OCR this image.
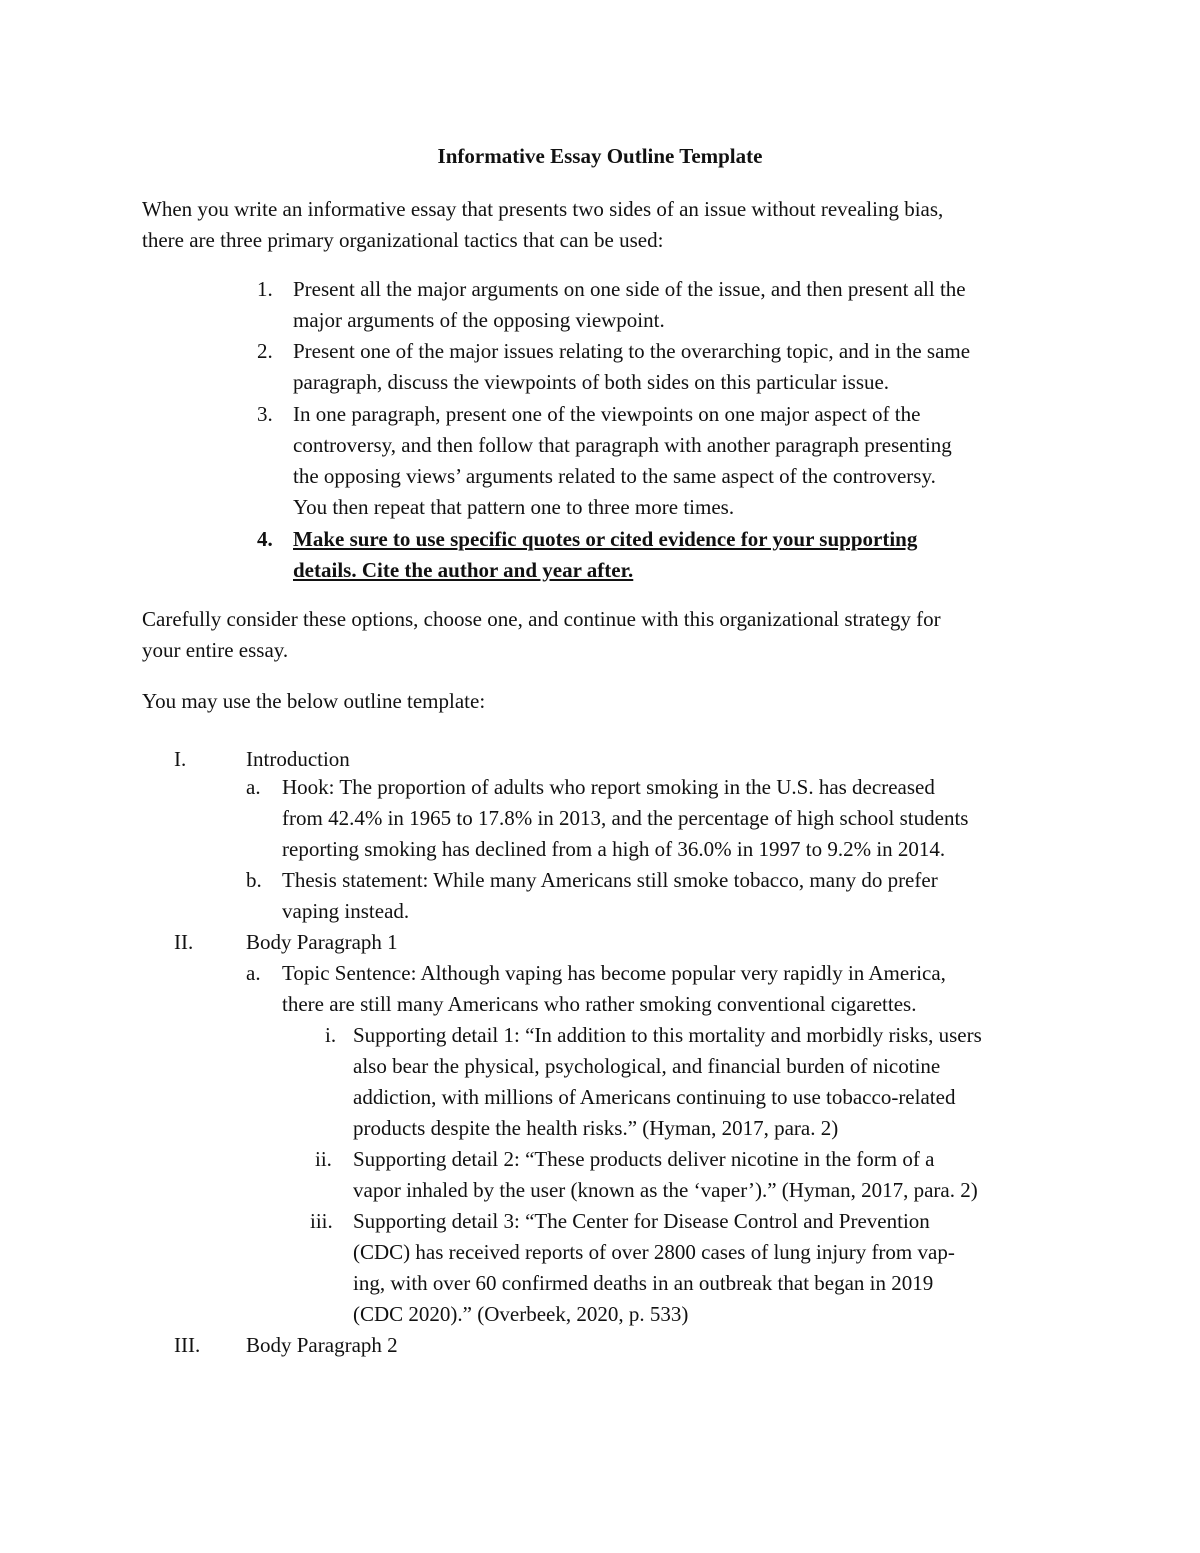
Informative Essay Outline Template
When you write an informative essay that presents two sides of an issue without revealing bias,
there are three primary organizational tactics that can be used:
1. Present all the major arguments on one side of the issue, and then present all the
major arguments of the opposing viewpoint.
2. Present one of the major issues relating to the overarching topic, and in the same
paragraph, discuss the viewpoints of both sides on this particular issue.
3. In one paragraph, present one of the viewpoints on one major aspect of the
controversy, and then follow that paragraph with another paragraph presenting
the opposing views’ arguments related to the same aspect of the controversy.
You then repeat that pattern one to three more times.
4. Make sure to use specific quotes or cited evidence for your supporting
details. Cite the author and year after.
Carefully consider these options, choose one, and continue with this organizational strategy for
your entire essay.
You may use the below outline template:
I.	Introduction
a. Hook: The proportion of adults who report smoking in the U.S. has decreased
from 42.4% in 1965 to 17.8% in 2013, and the percentage of high school students
reporting smoking has declined from a high of 36.0% in 1997 to 9.2% in 2014.
b. Thesis statement: While many Americans still smoke tobacco, many do prefer
vaping instead.
II.	Body Paragraph 1
a. Topic Sentence: Although vaping has become popular very rapidly in America,
there are still many Americans who rather smoking conventional cigarettes.
i. Supporting detail 1: “In addition to this mortality and morbidly risks, users
also bear the physical, psychological, and financial burden of nicotine
addiction, with millions of Americans continuing to use tobacco-related
products despite the health risks.” (Hyman, 2017, para. 2)
ii. Supporting detail 2: “These products deliver nicotine in the form of a
vapor inhaled by the user (known as the ‘vaper’).” (Hyman, 2017, para. 2)
iii. Supporting detail 3: “The Center for Disease Control and Prevention
(CDC) has received reports of over 2800 cases of lung injury from vap-
ing, with over 60 confirmed deaths in an outbreak that began in 2019
(CDC 2020).” (Overbeek, 2020, p. 533)
III. Body Paragraph 2
